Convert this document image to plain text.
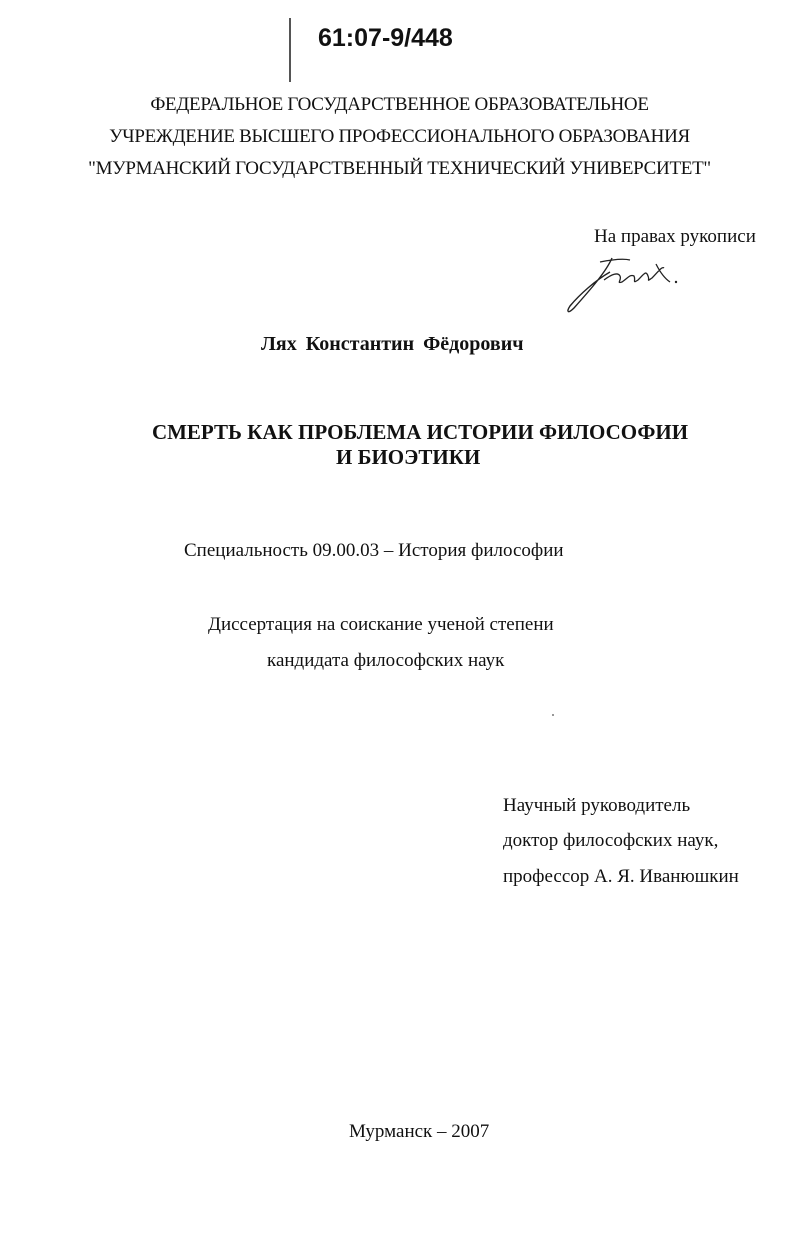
61:07-9/448
ФЕДЕРАЛЬНОЕ ГОСУДАРСТВЕННОЕ ОБРАЗОВАТЕЛЬНОЕ
УЧРЕЖДЕНИЕ ВЫСШЕГО ПРОФЕССИОНАЛЬНОГО ОБРАЗОВАНИЯ
"МУРМАНСКИЙ ГОСУДАРСТВЕННЫЙ ТЕХНИЧЕСКИЙ УНИВЕРСИТЕТ"
На правах рукописи
Лях Константин Фёдорович
СМЕРТЬ КАК ПРОБЛЕМА ИСТОРИИ ФИЛОСОФИИ
И БИОЭТИКИ
Специальность 09.00.03 – История философии
Диссертация на соискание ученой степени
кандидата философских наук
Научный руководитель
доктор философских наук,
профессор А. Я. Иванюшкин
Мурманск – 2007
